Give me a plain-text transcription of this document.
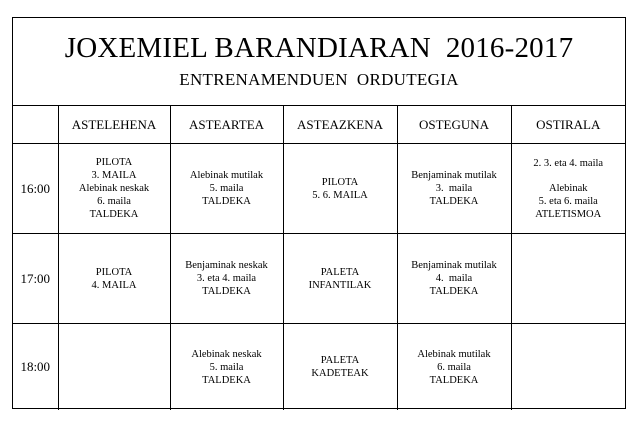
JOXEMIEL BARANDIARAN  2016-2017
ENTRENAMENDUEN  ORDUTEGIA
	ASTELEHENA	ASTEARTEA	ASTEAZKENA	OSTEGUNA	OSTIRALA
16:00	PILOTA
3. MAILA
Alebinak neskak
6. maila
TALDEKA	Alebinak mutilak
5. maila
TALDEKA	PILOTA
5. 6. MAILA	Benjaminak mutilak
3.  maila
TALDEKA	2. 3. eta 4. maila
Alebinak
5. eta 6. maila
ATLETISMOA

17:00	PILOTA
4. MAILA	Benjaminak neskak
3. eta 4. maila
TALDEKA	PALETA
INFANTILAK	Benjaminak mutilak
4.  maila
TALDEKA	

18:00		Alebinak neskak
5. maila
TALDEKA	PALETA
KADETEAK	Alebinak mutilak
6. maila
TALDEKA	
